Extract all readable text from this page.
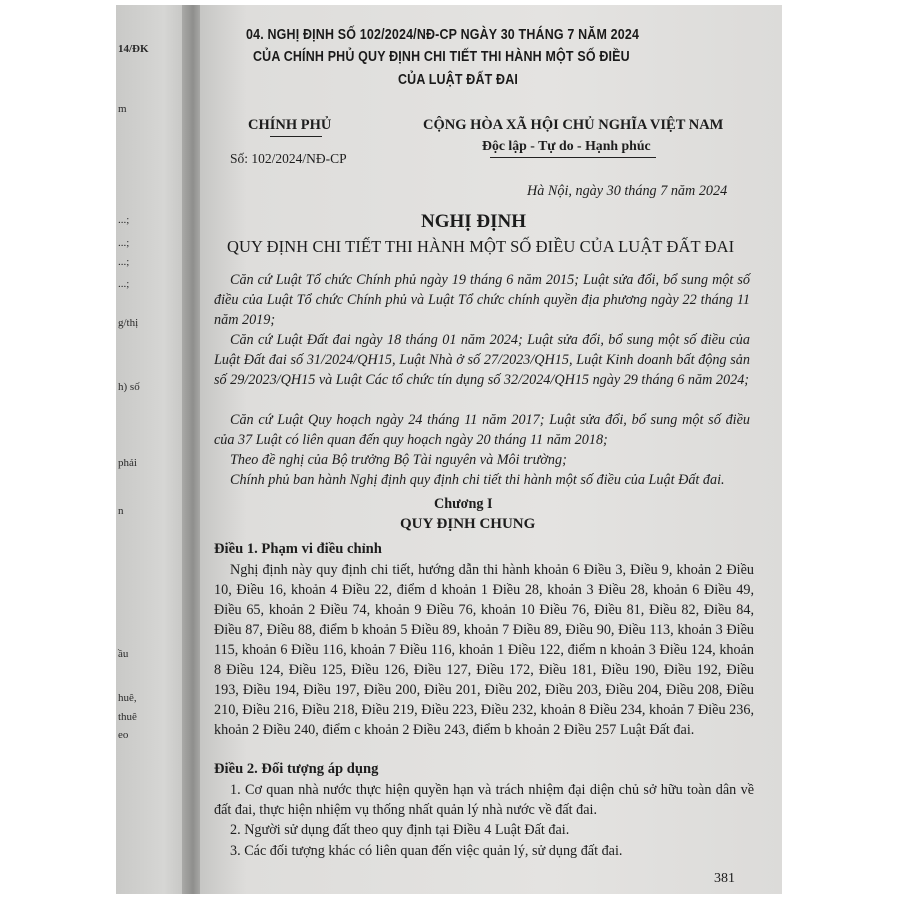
14/ĐK
m
...;
...;
...;
...;
g/thị
h) số
phải
n
ầu
huê,
thuê
eo
04. NGHỊ ĐỊNH SỐ 102/2024/NĐ-CP NGÀY 30 THÁNG 7 NĂM 2024
CỦA CHÍNH PHỦ QUY ĐỊNH CHI TIẾT THI HÀNH MỘT SỐ ĐIỀU
CỦA LUẬT ĐẤT ĐAI
CHÍNH PHỦ
Số: 102/2024/NĐ-CP
CỘNG HÒA XÃ HỘI CHỦ NGHĨA VIỆT NAM
Độc lập - Tự do - Hạnh phúc
Hà Nội, ngày 30 tháng 7 năm 2024
NGHỊ ĐỊNH
QUY ĐỊNH CHI TIẾT THI HÀNH MỘT SỐ ĐIỀU CỦA LUẬT ĐẤT ĐAI
Căn cứ Luật Tổ chức Chính phủ ngày 19 tháng 6 năm 2015; Luật sửa đổi, bổ sung một số điều của Luật Tổ chức Chính phủ và Luật Tổ chức chính quyền địa phương ngày 22 tháng 11 năm 2019;
Căn cứ Luật Đất đai ngày 18 tháng 01 năm 2024; Luật sửa đổi, bổ sung một số điều của Luật Đất đai số 31/2024/QH15, Luật Nhà ở số 27/2023/QH15, Luật Kinh doanh bất động sản số 29/2023/QH15 và Luật Các tổ chức tín dụng số 32/2024/QH15 ngày 29 tháng 6 năm 2024;
Căn cứ Luật Quy hoạch ngày 24 tháng 11 năm 2017; Luật sửa đổi, bổ sung một số điều của 37 Luật có liên quan đến quy hoạch ngày 20 tháng 11 năm 2018;
Theo đề nghị của Bộ trưởng Bộ Tài nguyên và Môi trường;
Chính phủ ban hành Nghị định quy định chi tiết thi hành một số điều của Luật Đất đai.
Chương I
QUY ĐỊNH CHUNG
Điều 1. Phạm vi điều chỉnh
Nghị định này quy định chi tiết, hướng dẫn thi hành khoản 6 Điều 3, Điều 9, khoản 2 Điều 10, Điều 16, khoản 4 Điều 22, điểm d khoản 1 Điều 28, khoản 3 Điều 28, khoản 6 Điều 49, Điều 65, khoản 2 Điều 74, khoản 9 Điều 76, khoản 10 Điều 76, Điều 81, Điều 82, Điều 84, Điều 87, Điều 88, điểm b khoản 5 Điều 89, khoản 7 Điều 89, Điều 90, Điều 113, khoản 3 Điều 115, khoản 6 Điều 116, khoản 7 Điều 116, khoản 1 Điều 122, điểm n khoản 3 Điều 124, khoản 8 Điều 124, Điều 125, Điều 126, Điều 127, Điều 172, Điều 181, Điều 190, Điều 192, Điều 193, Điều 194, Điều 197, Điều 200, Điều 201, Điều 202, Điều 203, Điều 204, Điều 208, Điều 210, Điều 216, Điều 218, Điều 219, Điều 223, Điều 232, khoản 8 Điều 234, khoản 7 Điều 236, khoản 2 Điều 240, điểm c khoản 2 Điều 243, điểm b khoản 2 Điều 257 Luật Đất đai.
Điều 2. Đối tượng áp dụng
1. Cơ quan nhà nước thực hiện quyền hạn và trách nhiệm đại diện chủ sở hữu toàn dân về đất đai, thực hiện nhiệm vụ thống nhất quản lý nhà nước về đất đai.
2. Người sử dụng đất theo quy định tại Điều 4 Luật Đất đai.
3. Các đối tượng khác có liên quan đến việc quản lý, sử dụng đất đai.
381
